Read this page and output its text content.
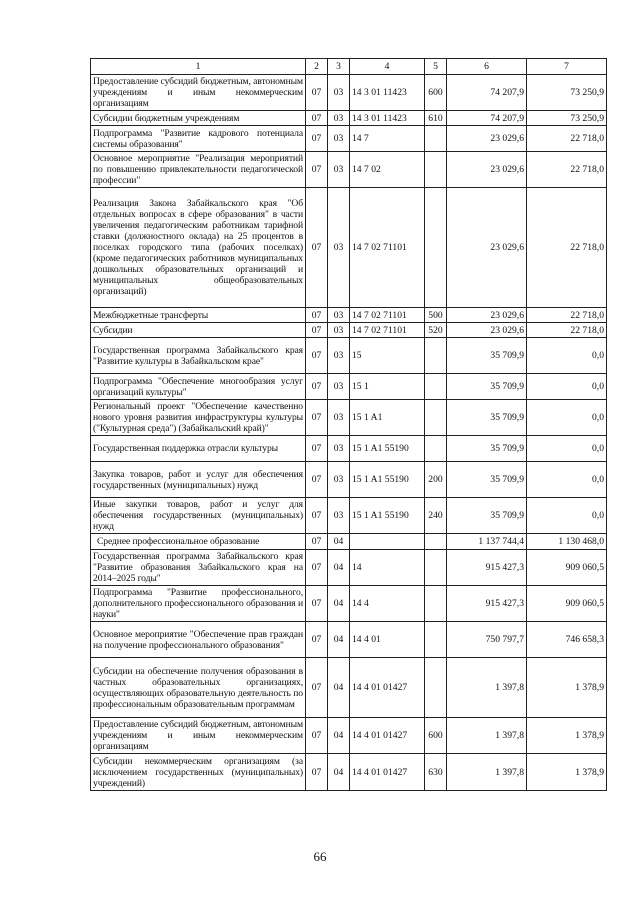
1	2	3	4	5	6	7
Предоставление субсидий бюджетным, автономным учреждениям и иным некоммерческим организациям	07	03	14 3 01 11423	600	74 207,9	73 250,9
Субсидии бюджетным учреждениям	07	03	14 3 01 11423	610	74 207,9	73 250,9
Подпрограмма "Развитие кадрового потенциала системы образования"	07	03	14 7		23 029,6	22 718,0
Основное мероприятие "Реализация мероприятий по повышению привлекательности педагогической профессии"	07	03	14 7 02		23 029,6	22 718,0
Реализация Закона Забайкальского края "Об отдельных вопросах в сфере образования" в части увеличения педагогическим работникам тарифной ставки (должностного оклада) на 25 процентов в поселках городского типа (рабочих поселках) (кроме педагогических работников муниципальных дошкольных образовательных организаций и муниципальных общеобразовательных организаций)	07	03	14 7 02 71101		23 029,6	22 718,0
Межбюджетные трансферты	07	03	14 7 02 71101	500	23 029,6	22 718,0
Субсидии	07	03	14 7 02 71101	520	23 029,6	22 718,0
Государственная программа Забайкальского края "Развитие культуры в Забайкальском крае"	07	03	15		35 709,9	0,0
Подпрограмма "Обеспечение многообразия услуг организаций культуры"	07	03	15 1		35 709,9	0,0
Региональный проект "Обеспечение качественно нового уровня развития инфраструктуры культуры ("Культурная среда") (Забайкальский край)"	07	03	15 1 A1		35 709,9	0,0
Государственная поддержка отрасли культуры	07	03	15 1 A1 55190		35 709,9	0,0
Закупка товаров, работ и услуг для обеспечения государственных (муниципальных) нужд	07	03	15 1 A1 55190	200	35 709,9	0,0
Иные закупки товаров, работ и услуг для обеспечения государственных (муниципальных) нужд	07	03	15 1 A1 55190	240	35 709,9	0,0
Среднее профессиональное образование	07	04			1 137 744,4	1 130 468,0
Государственная программа Забайкальского края "Развитие образования Забайкальского края на 2014–2025 годы"	07	04	14		915 427,3	909 060,5
Подпрограмма "Развитие профессионального, дополнительного профессионального образования и науки"	07	04	14 4		915 427,3	909 060,5
Основное мероприятие "Обеспечение прав граждан на получение профессионального образования"	07	04	14 4 01		750 797,7	746 658,3
Субсидии на обеспечение получения образования в частных образовательных организациях, осуществляющих образовательную деятельность по профессиональным образовательным программам	07	04	14 4 01 01427		1 397,8	1 378,9
Предоставление субсидий бюджетным, автономным учреждениям и иным некоммерческим организациям	07	04	14 4 01 01427	600	1 397,8	1 378,9
Субсидии некоммерческим организациям (за исключением государственных (муниципальных) учреждений)	07	04	14 4 01 01427	630	1 397,8	1 378,9
66
